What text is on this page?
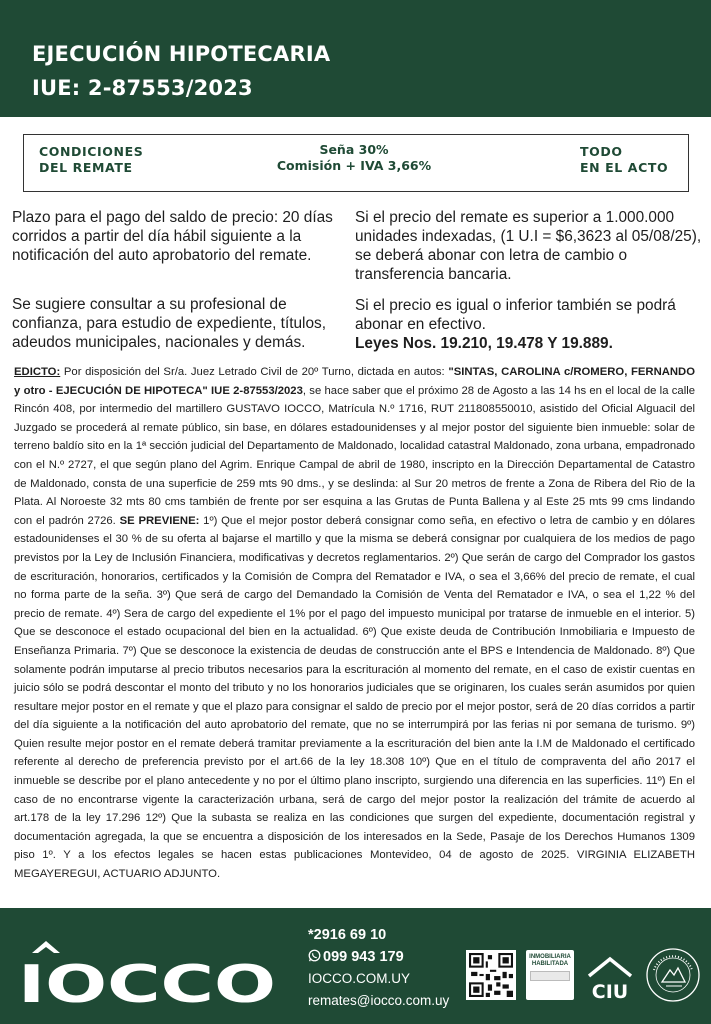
EJECUCIÓN HIPOTECARIA
IUE: 2-87553/2023
CONDICIONES
DEL REMATE
Seña 30%
Comisión + IVA 3,66%
TODO
EN EL ACTO
Plazo para el pago del saldo de precio: 20 días corridos a partir del día hábil siguiente a la notificación del auto aprobatorio del remate.
Si el precio del remate es superior a 1.000.000 unidades indexadas, (1 U.I = $6,3623 al 05/08/25), se deberá abonar con letra de cambio o transferencia bancaria.
Se sugiere consultar a su profesional de confianza, para estudio de expediente, títulos, adeudos municipales, nacionales y demás.
Si el precio es igual o inferior también se podrá abonar en efectivo.
Leyes Nos. 19.210, 19.478 Y 19.889.
EDICTO: Por disposición del Sr/a. Juez Letrado Civil de 20º Turno, dictada en autos: "SINTAS, CAROLINA c/ROMERO, FERNANDO y otro - EJECUCIÓN DE HIPOTECA" IUE 2-87553/2023, se hace saber que el próximo 28 de Agosto a las 14 hs en el local de la calle Rincón 408, por intermedio del martillero GUSTAVO IOCCO, Matrícula N.º 1716, RUT 211808550010, asistido del Oficial Alguacil del Juzgado se procederá al remate público, sin base, en dólares estadounidenses y al mejor postor del siguiente bien inmueble: solar de terreno baldío sito en la 1ª sección judicial del Departamento de Maldonado, localidad catastral Maldonado, zona urbana, empadronado con el N.º 2727, el que según plano del Agrim. Enrique Campal de abril de 1980, inscripto en la Dirección Departamental de Catastro de Maldonado, consta de una superficie de 259 mts 90 dms., y se deslinda: al Sur 20 metros de frente a Zona de Ribera del Rio de la Plata. Al Noroeste 32 mts 80 cms también de frente por ser esquina a las Grutas de Punta Ballena y al Este 25 mts 99 cms lindando con el padrón 2726. SE PREVIENE: 1º) Que el mejor postor deberá consignar como seña, en efectivo o letra de cambio y en dólares estadounidenses el 30 % de su oferta al bajarse el martillo y que la misma se deberá consignar por cualquiera de los medios de pago previstos por la Ley de Inclusión Financiera, modificativas y decretos reglamentarios. 2º) Que serán de cargo del Comprador los gastos de escrituración, honorarios, certificados y la Comisión de Compra del Rematador e IVA, o sea el 3,66% del precio de remate, el cual no forma parte de la seña. 3º) Que será de cargo del Demandado la Comisión de Venta del Rematador e IVA, o sea el 1,22 % del precio de remate. 4º) Sera de cargo del expediente el 1% por el pago del impuesto municipal por tratarse de inmueble en el interior. 5) Que se desconoce el estado ocupacional del bien en la actualidad. 6º) Que existe deuda de Contribución Inmobiliaria e Impuesto de Enseñanza Primaria. 7º) Que se desconoce la existencia de deudas de construcción ante el BPS e Intendencia de Maldonado. 8º) Que solamente podrán imputarse al precio tributos necesarios para la escrituración al momento del remate, en el caso de existir cuentas en juicio sólo se podrá descontar el monto del tributo y no los honorarios judiciales que se originaren, los cuales serán asumidos por quien resultare mejor postor en el remate y que el plazo para consignar el saldo de precio por el mejor postor, será de 20 días corridos a partir del día siguiente a la notificación del auto aprobatorio del remate, que no se interrumpirá por las ferias ni por semana de turismo. 9º) Quien resulte mejor postor en el remate deberá tramitar previamente a la escrituración del bien ante la I.M de Maldonado el certificado referente al derecho de preferencia previsto por el art.66 de la ley 18.308 10º) Que en el título de compraventa del año 2017 el inmueble se describe por el plano antecedente y no por el último plano inscripto, surgiendo una diferencia en las superficies. 11º) En el caso de no encontrarse vigente la caracterización urbana, será de cargo del mejor postor la realización del trámite de acuerdo al art.178 de la ley 17.296 12º) Que la subasta se realiza en las condiciones que surgen del expediente, documentación registral y documentación agregada, la que se encuentra a disposición de los interesados en la Sede, Pasaje de los Derechos Humanos 1309 piso 1º. Y a los efectos legales se hacen estas publicaciones Montevideo, 04 de agosto de 2025. VIRGINIA ELIZABETH MEGAYEREGUI, ACTUARIO ADJUNTO.
IOCCO
*2916 69 10
099 943 179
IOCCO.COM.UY
remates@iocco.com.uy
INMOBILIARIA
HABILITADA
CIU
